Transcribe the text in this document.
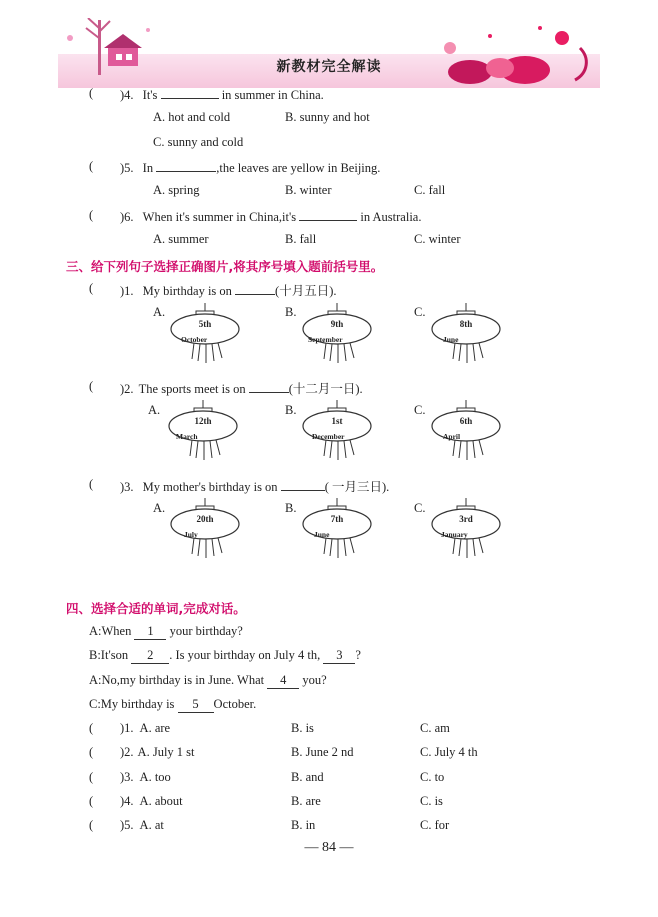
新教材完全解读
( )4. It's	in summer in China.
A. hot and cold	B. sunny and hot
C. sunny and cold
( )5. In	,the leaves are yellow in Beijing.
A. spring	B. winter	C. fall
( )6. When it's summer in China,it's	in Australia.
A. summer	B. fall	C. winter
三、给下列句子选择正确图片,将其序号填入题前括号里。
( )1. My birthday is on	(十月五日).
A.
5th
October
B.
9th
September
C.
8th
June
( )2. The sports meet is on	(十二月一日).
A.
12th
March
B.
1st
December
C.
6th
April
( )3. My mother's birthday is on	( 一月三日).
A.
20th
July
B.
7th
June
C.
3rd
January
四、选择合适的单词,完成对话。
A:When 1 your birthday?
B:It'son 2 . Is your birthday on July 4 th, 3 ?
A:No,my birthday is in June. What 4 you?
C:My birthday is 5 October.
( )1. A. are	B. is	C. am
( )2. A. July 1 st	B. June 2 nd	C. July 4 th
( )3. A. too	B. and	C. to
( )4. A. about	B. are	C. is
( )5. A. at	B. in	C. for
— 84 —
